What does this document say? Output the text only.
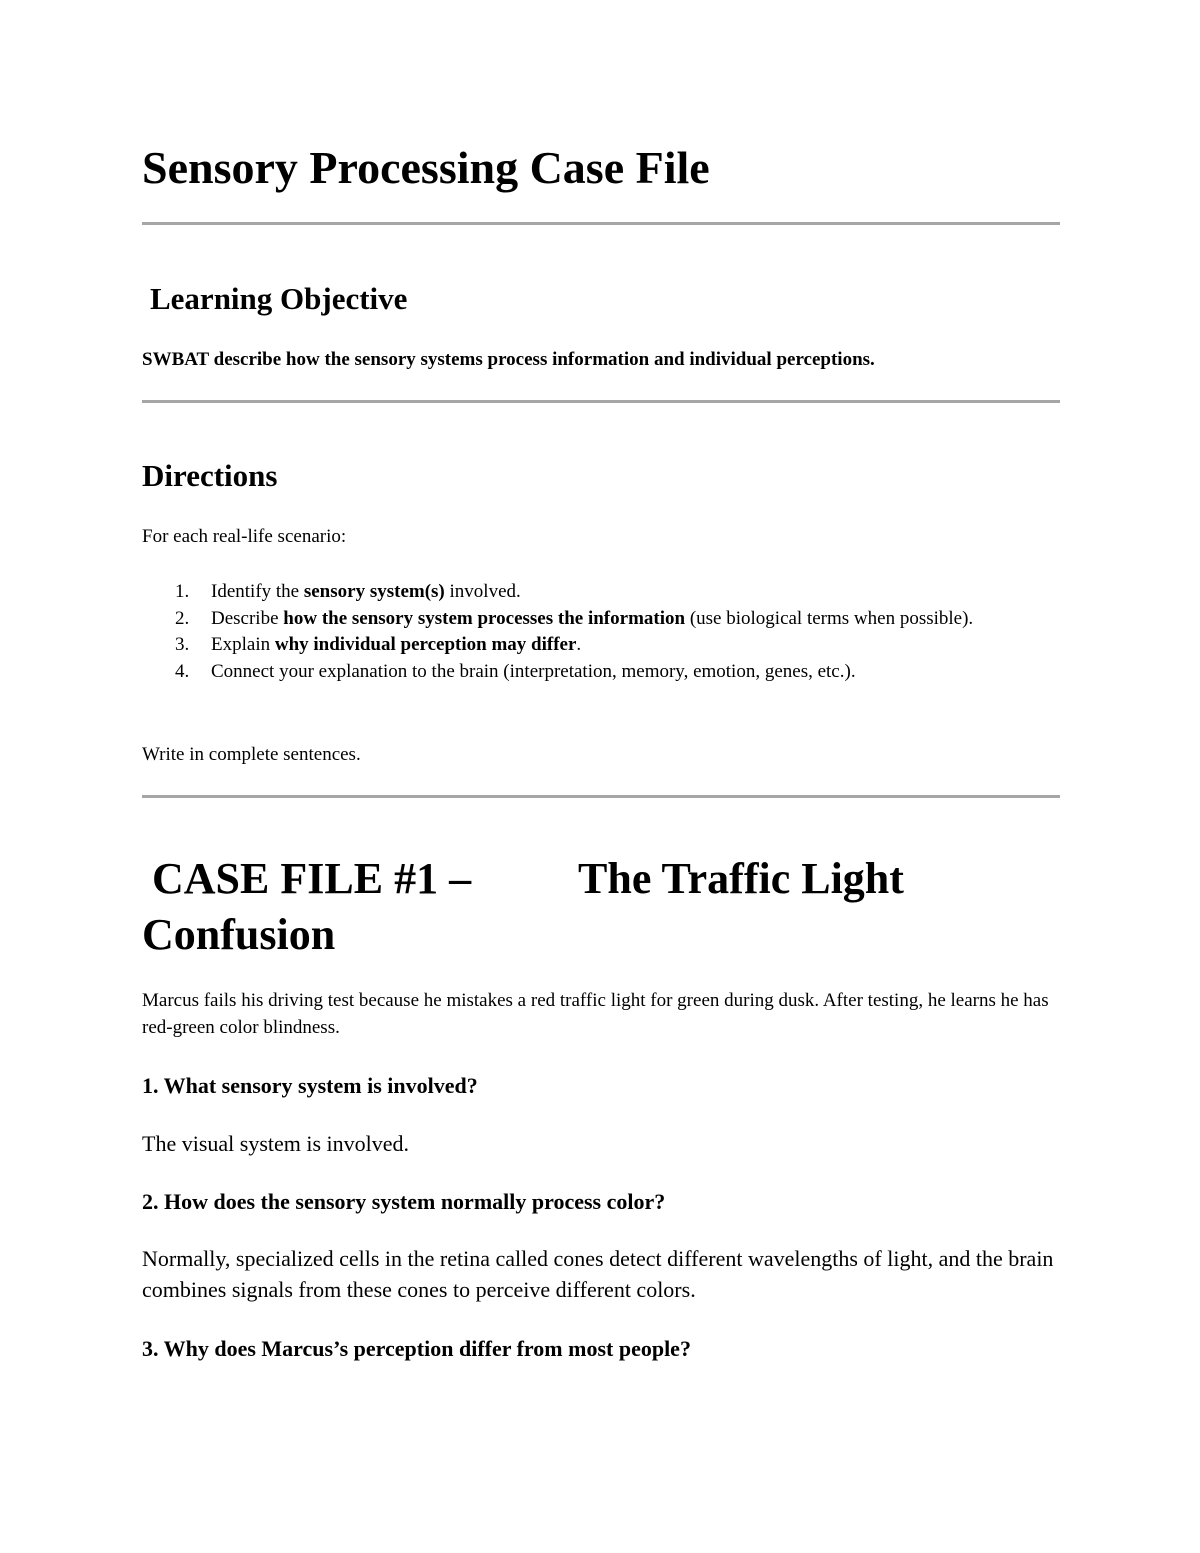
Sensory Processing Case File
Learning Objective

SWBAT describe how the sensory systems process information and individual perceptions.

Directions

For each real-life scenario:

1. Identify the sensory system(s) involved.
2. Describe how the sensory system processes the information (use biological terms when possible).
3. Explain why individual perception may differ.
4. Connect your explanation to the brain (interpretation, memory, emotion, genes, etc.).

Write in complete sentences.

CASE FILE #1 – The Traffic Light Confusion

Marcus fails his driving test because he mistakes a red traffic light for green during dusk. After testing, he learns he has red-green color blindness.

1. What sensory system is involved?

The visual system is involved.

2. How does the sensory system normally process color?

Normally, specialized cells in the retina called cones detect different wavelengths of light, and the brain combines signals from these cones to perceive different colors.

3. Why does Marcus’s perception differ from most people?
